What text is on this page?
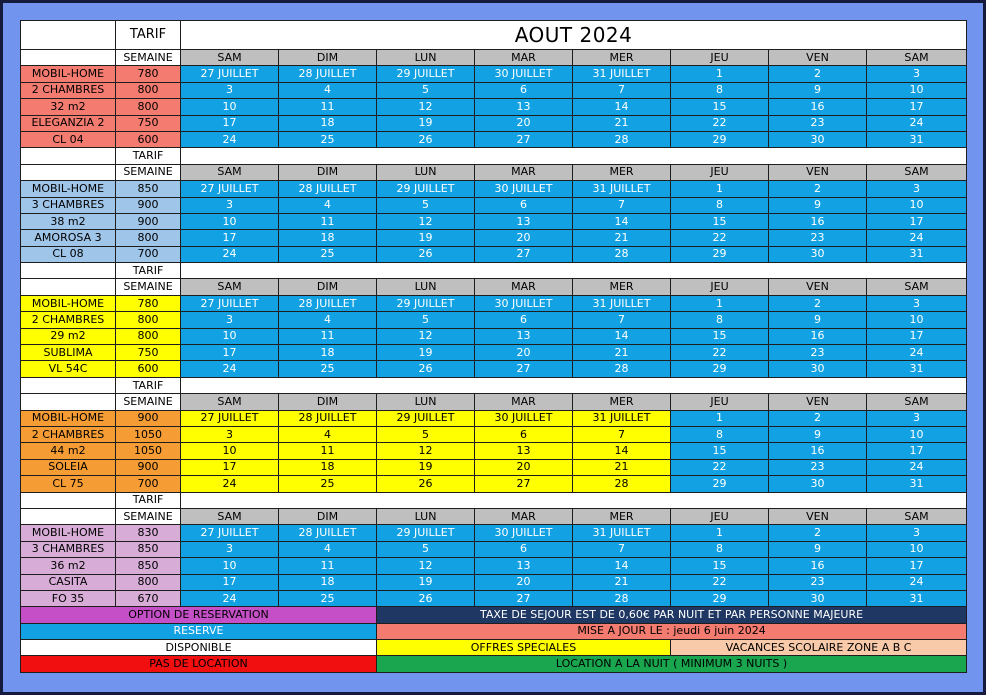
	TARIF	AOUT 2024							
	SEMAINE	SAM	DIM	LUN	MAR	MER	JEU	VEN	SAM
MOBIL-HOME	780	27 JUILLET	28 JUILLET	29 JUILLET	30 JUILLET	31 JUILLET	1	2	3
2 CHAMBRES	800	3	4	5	6	7	8	9	10
32 m2	800	10	11	12	13	14	15	16	17
ELEGANZIA 2	750	17	18	19	20	21	22	23	24
CL 04	600	24	25	26	27	28	29	30	31
	TARIF								
	SEMAINE	SAM	DIM	LUN	MAR	MER	JEU	VEN	SAM
MOBIL-HOME	850	27 JUILLET	28 JUILLET	29 JUILLET	30 JUILLET	31 JUILLET	1	2	3
3 CHAMBRES	900	3	4	5	6	7	8	9	10
38 m2	900	10	11	12	13	14	15	16	17
AMOROSA 3	800	17	18	19	20	21	22	23	24
CL 08	700	24	25	26	27	28	29	30	31
	TARIF								
	SEMAINE	SAM	DIM	LUN	MAR	MER	JEU	VEN	SAM
MOBIL-HOME	780	27 JUILLET	28 JUILLET	29 JUILLET	30 JUILLET	31 JUILLET	1	2	3
2 CHAMBRES	800	3	4	5	6	7	8	9	10
29 m2	800	10	11	12	13	14	15	16	17
SUBLIMA	750	17	18	19	20	21	22	23	24
VL 54C	600	24	25	26	27	28	29	30	31
	TARIF								
	SEMAINE	SAM	DIM	LUN	MAR	MER	JEU	VEN	SAM
MOBIL-HOME	900	27 JUILLET	28 JUILLET	29 JUILLET	30 JUILLET	31 JUILLET	1	2	3
2 CHAMBRES	1050	3	4	5	6	7	8	9	10
44 m2	1050	10	11	12	13	14	15	16	17
SOLEIA	900	17	18	19	20	21	22	23	24
CL 75	700	24	25	26	27	28	29	30	31
	TARIF								
	SEMAINE	SAM	DIM	LUN	MAR	MER	JEU	VEN	SAM
MOBIL-HOME	830	27 JUILLET	28 JUILLET	29 JUILLET	30 JUILLET	31 JUILLET	1	2	3
3 CHAMBRES	850	3	4	5	6	7	8	9	10
36 m2	850	10	11	12	13	14	15	16	17
CASITA	800	17	18	19	20	21	22	23	24
FO 35	670	24	25	26	27	28	29	30	31
OPTION DE RESERVATION				TAXE DE SEJOUR EST DE 0,60€ PAR NUIT ET PAR PERSONNE MAJEURE					
RESERVE				MISE A JOUR LE : jeudi 6 juin 2024					
DISPONIBLE				OFFRES SPECIALES			VACANCES SCOLAIRE ZONE A B C		
PAS DE LOCATION				LOCATION A LA NUIT ( MINIMUM 3 NUITS )					
